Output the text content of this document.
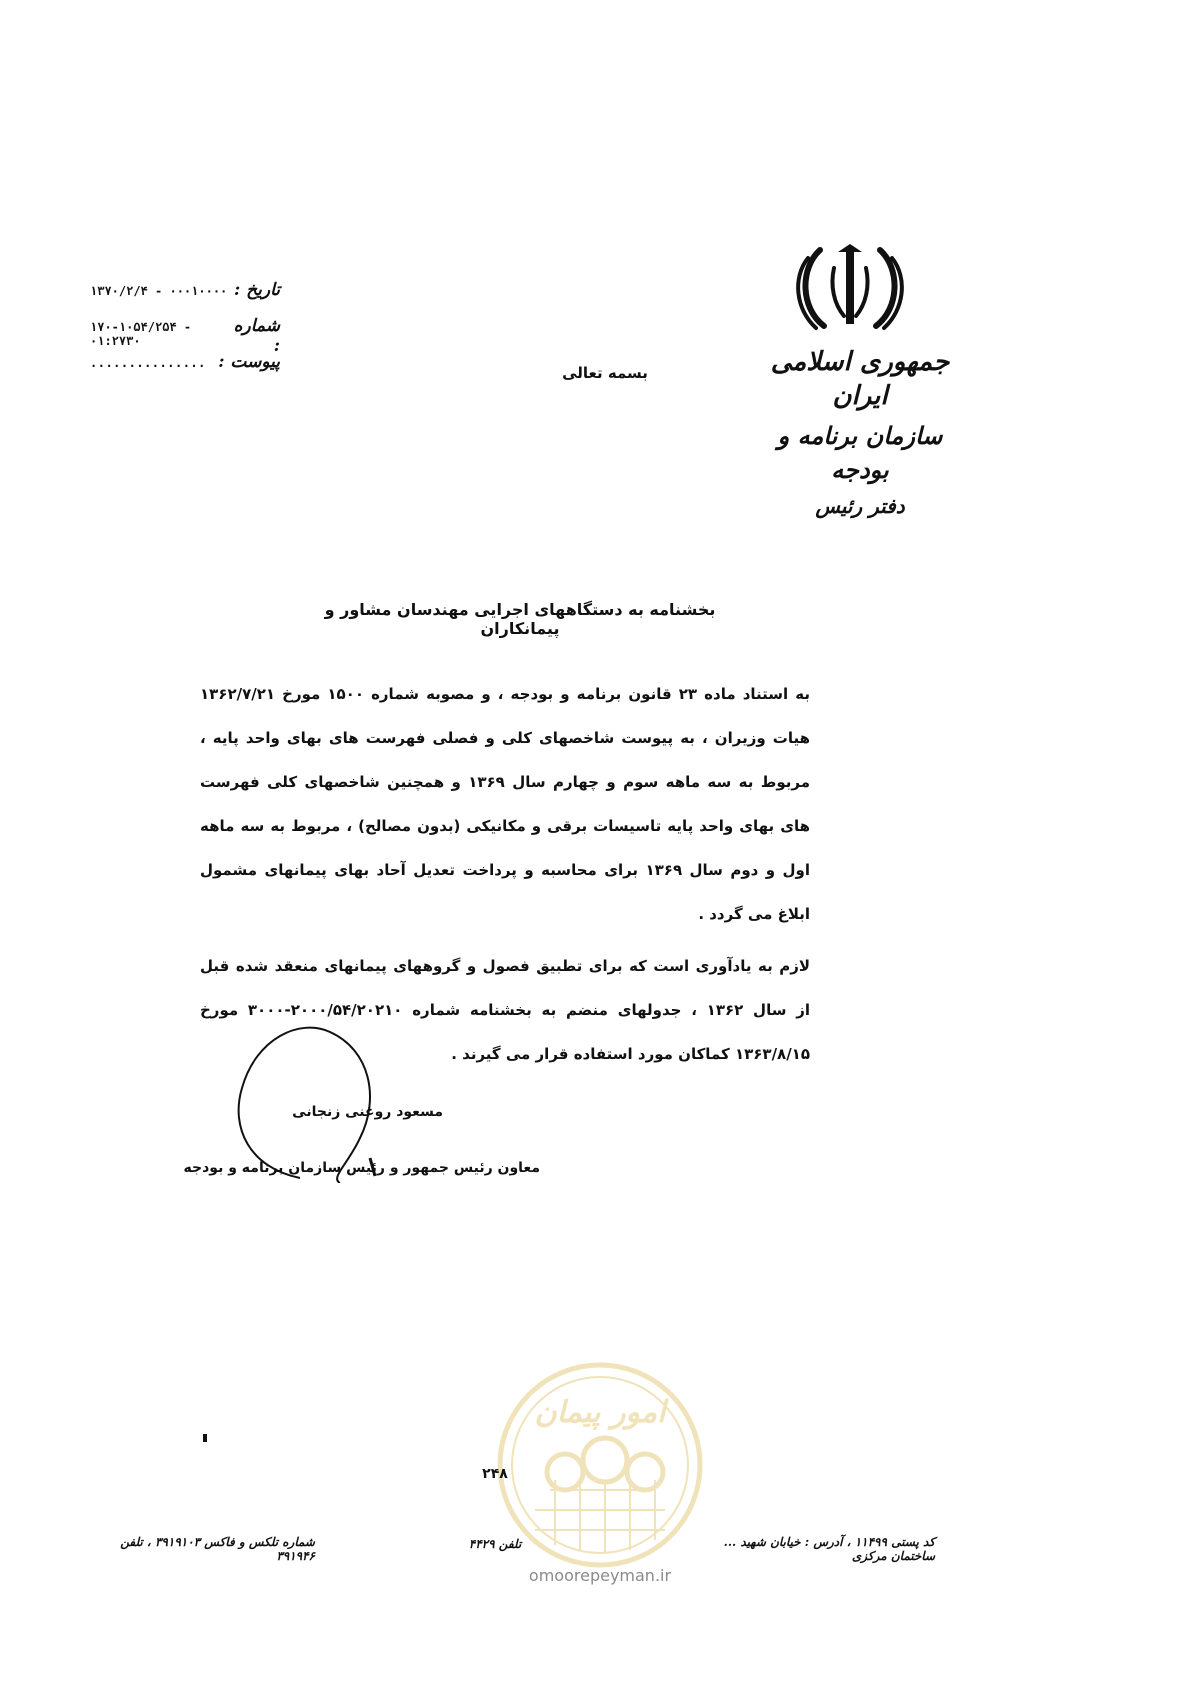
جمهوری اسلامی ایران
سازمان برنامه و بودجه
دفتر رئیس
بسمه تعالی
۱۳۷۰/۲/۴ - ۰۰۰۱۰۰۰۰ تاریخ :
۱۷۰-۱۰۵۴/۲۵۴ - ۰۱:۲۷۳۰
شماره :
............... پیوست :
بخشنامه به دستگاههای اجرایی مهندسان مشاور و پیمانکاران

به استناد ماده ۲۳ قانون برنامه و بودجه ، و مصوبه شماره ۱۵۰۰ مورخ ۱۳۶۲/۷/۲۱ هیات وزیران ، به پیوست شاخصهای کلی و فصلی فهرست های بهای واحد پایه ، مربوط به سه ماهه سوم و چهارم سال ۱۳۶۹ و همچنین شاخصهای کلی فهرست های بهای واحد پایه تاسیسات برقی و مکانیکی (بدون مصالح) ، مربوط به سه ماهه اول و دوم سال ۱۳۶۹ برای محاسبه و پرداخت تعدیل آحاد بهای پیمانهای مشمول ابلاغ می گردد .

لازم به یادآوری است که برای تطبیق فصول و گروههای پیمانهای منعقد شده قبل از سال ۱۳۶۲ ، جدولهای منضم به بخشنامه شماره ۲۰۰۰/۵۴/۲۰۲۱۰-۳۰۰۰ مورخ ۱۳۶۳/۸/۱۵ کماکان مورد استفاده قرار می گیرند .

مسعود روغنی زنجانی
معاون رئیس جمهور و رئیس سازمان برنامه و بودجه
امور پیمان
omoorepeyman.ir
۲۴۸
کد پستی ۱۱۴۹۹ ، آدرس : خیابان شهید ... ساختمان مرکزی
تلفن ۴۴۲۹
شماره تلکس و فاکس ۳۹۱۹۱۰۳ ، تلفن ۳۹۱۹۴۶
